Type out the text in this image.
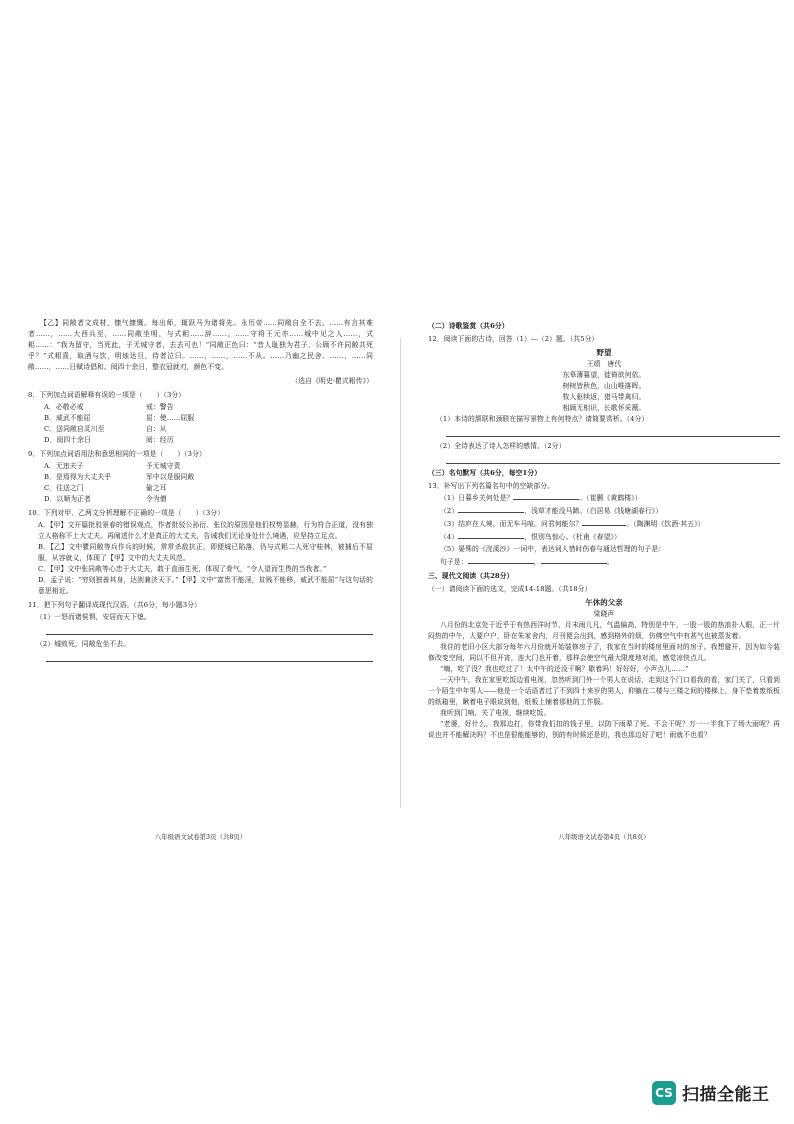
【乙】同敞者文成材，慷气慷慨。每出师，辄跃马为诸将先。永历帝……同敞自全不去。……有言其难者……，……大西兵至，……同敞坐明，与式耜……辞……。……守将王元亦……城中见之人……，式耜……：“我为留守，当死此，子无城守者，去去可也！”同敞正色曰：“昔人耻独为君子，公顾不许同敞共死乎？”式耜喜，取酒与饮，明烛达旦，侍者泣曰。……，……，……不从。……乃幽之民舍。……，……同敞……，……日赋诗倡和。阅四十余日，整衣冠就刃，颜色不变。

（选自《明史·瞿式耜传》）

8．下列加点词语解释有误的一项是（　　）（3分）
A．必敬必戒	戒：警告
B．威武不能屈	屈：使……屈服
C．送同敞自灵川至	自：从
D．阅四十余日	阅：经历
9．下列加点词语用法和意思相同的一项是（　　）（3分）
A．无违夫子	予无城守责
B．是焉得为大丈夫乎	军中以是服同敞
C．往送之门	偷之耳
D．以顺为正者	令为僧
10．下列对甲、乙两文分析理解不正确的一项是（　　）（3分）

A．【甲】文开篇批驳景春的错误观点，作者批驳公孙衍、张仪的原因是他们权势显赫，行为符合正道，没有独立人格称不上大丈夫。再阐述什么才是真正的大丈夫，告诫我们无论身处什么境遇，应坚持立足点。

B．【乙】文中瞿同敞等兵作兵的时候，常常杀敌抗正，即便城已陷落，仍与式耜二人死守桂林，被捕后不屈服，从容就义，体现了【甲】文中的大丈夫风范。

C．【甲】文中张同敞等心忠于大丈夫，敢于直面生死，体现了骨气，“令人望而生畏的当我者。”

D．孟子说：“穷则独善其身，达则兼济天下。”【甲】文中“富贵不能淫，贫贱不能移，威武不能屈”与这句话的意思相近。

11．把下列句子翻译成现代汉语。（共6分，每小题3分）
（1）一怒而诸侯惧，安居而天下熄。
（2）城败死，同敞危坐不去。
（二）诗歌鉴赏（共6分）
12．阅读下面的古诗，回答（1）—（2）题。（共5分）
野望
王绩　唐代
东皋薄暮望，徙倚欲何依。
树树皆秋色，山山唯落晖。
牧人驱犊返，猎马带禽归。
相顾无相识，长歌怀采薇。
（1）本诗的颔联和颈联在描写景物上有何特点？请简要赏析。（4分）
（2）全诗表达了诗人怎样的感情。（2分）
（三）名句默写（共6分，每空1分）
13．补写出下列名篇名句中的空缺部分。
（1）日暮乡关何处是？	。（崔颢《黄鹤楼》）
（2）	，浅草才能没马蹄。（白居易《钱塘湖春行》）
（3）结庐在人境，而无车马喧。问君何能尔？	。（陶渊明《饮酒·其五》）
（4）	，恨别鸟惊心。（杜甫《春望》）
（5）晏殊的《浣溪沙》一词中，表达词人惜时伤春与通达哲理的句子是：
句子是：	，	。
三、现代文阅读（共28分）
（一）请阅读下面的选文，完成14-18题。（共18分）
午休的父亲
梁晓声

八月份的北京处于近乎于有热西洋时节，月末雨儿凡，气温偏高，特别是中午，一股一股的热浪扑人眼，正一片闷热的中午，人要户户，卧在朱家舍内，月刊便会出到，感到格外的烦，仿佛空气中有甚气也被蒸发着。

我住的老旧小区大部分每年六月份就开始装修房子了，我家在当时的楼房里面对的房子。我想避开，因为如今装修改变空间，同以不但开宵，连大门也开着，那样会使空气最大限度地对流，感觉凉快点儿。

“嗨，吃了没？我也吃过了！太中午的还没干啊？歇着吗！好好好，小声点儿……”

一天中午，我在家里吃饭边看电视，忽然听到门外一个男人在说话，走到这个门口看我的看，家门关了，只看到一个陌生中年男人——他是一个话语者过了不到四十来岁的男人，仰躺在二楼与三楼之间的楼梯上，身下垫着废纸板的纸箱里，瞅着电子眼说到他，纸板上铺着那他的工作服。

我听到门响，关了电视，继续吃饭。

“老婆，好什么，我那边打，你带我们扣的钱子里，以防下雨辈了死。不会干呢？万一一半我下了场大雨呢？再说也并不能解决吗？不也是很能能够的，别的有时候还是的，我也那边好了吧！雨就不也看？

八年级语文试卷第3页（共8页）	八年级语文试卷第4页（共8页）
CS 扫描全能王
